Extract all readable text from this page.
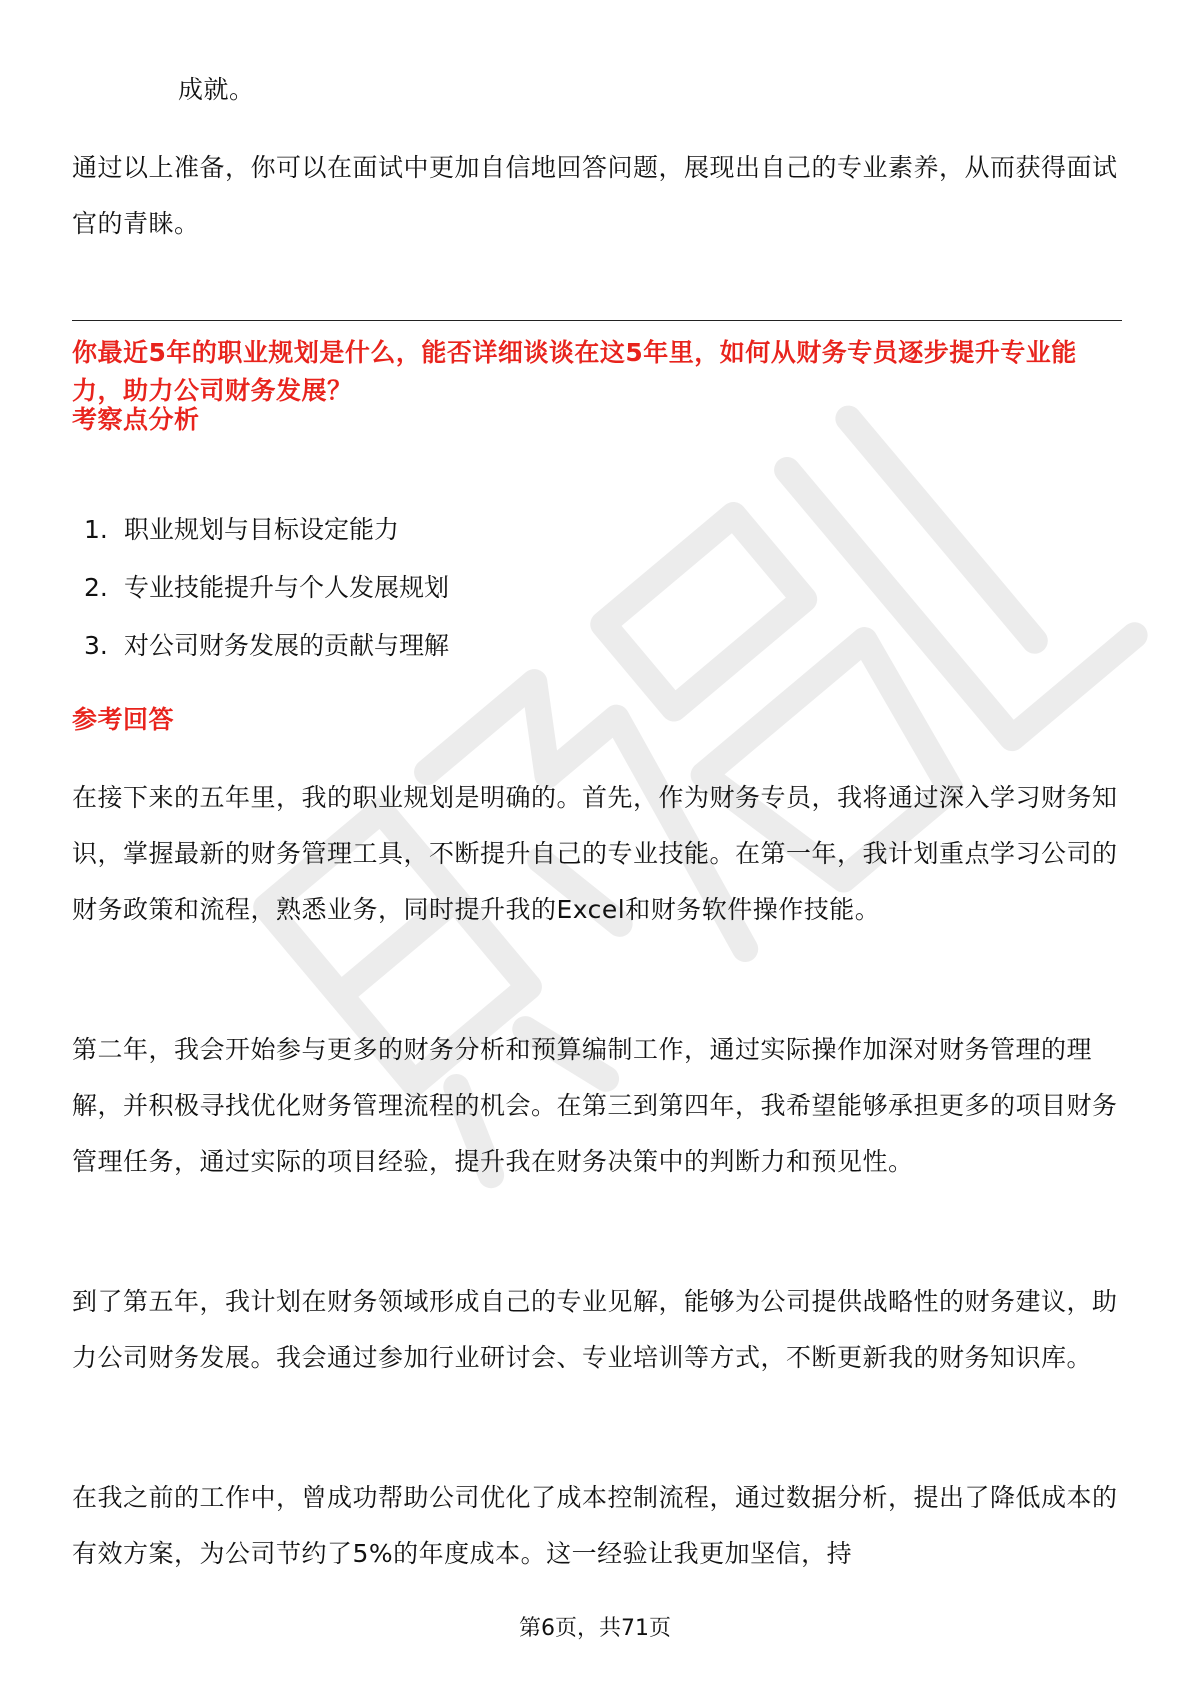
成就。

通过以上准备，你可以在面试中更加自信地回答问题，展现出自己的专业素养，从而获得面试官的青睐。

你最近5年的职业规划是什么，能否详细谈谈在这5年里，如何从财务专员逐步提升专业能力，助力公司财务发展？

考察点分析
1. 职业规划与目标设定能力
2. 专业技能提升与个人发展规划
3. 对公司财务发展的贡献与理解
参考回答

在接下来的五年里，我的职业规划是明确的。首先，作为财务专员，我将通过深入学习财务知识，掌握最新的财务管理工具，不断提升自己的专业技能。在第一年，我计划重点学习公司的财务政策和流程，熟悉业务，同时提升我的Excel和财务软件操作技能。

第二年，我会开始参与更多的财务分析和预算编制工作，通过实际操作加深对财务管理的理解，并积极寻找优化财务管理流程的机会。在第三到第四年，我希望能够承担更多的项目财务管理任务，通过实际的项目经验，提升我在财务决策中的判断力和预见性。

到了第五年，我计划在财务领域形成自己的专业见解，能够为公司提供战略性的财务建议，助力公司财务发展。我会通过参加行业研讨会、专业培训等方式，不断更新我的财务知识库。

在我之前的工作中，曾成功帮助公司优化了成本控制流程，通过数据分析，提出了降低成本的有效方案，为公司节约了5%的年度成本。这一经验让我更加坚信，持

第6页，共71页
